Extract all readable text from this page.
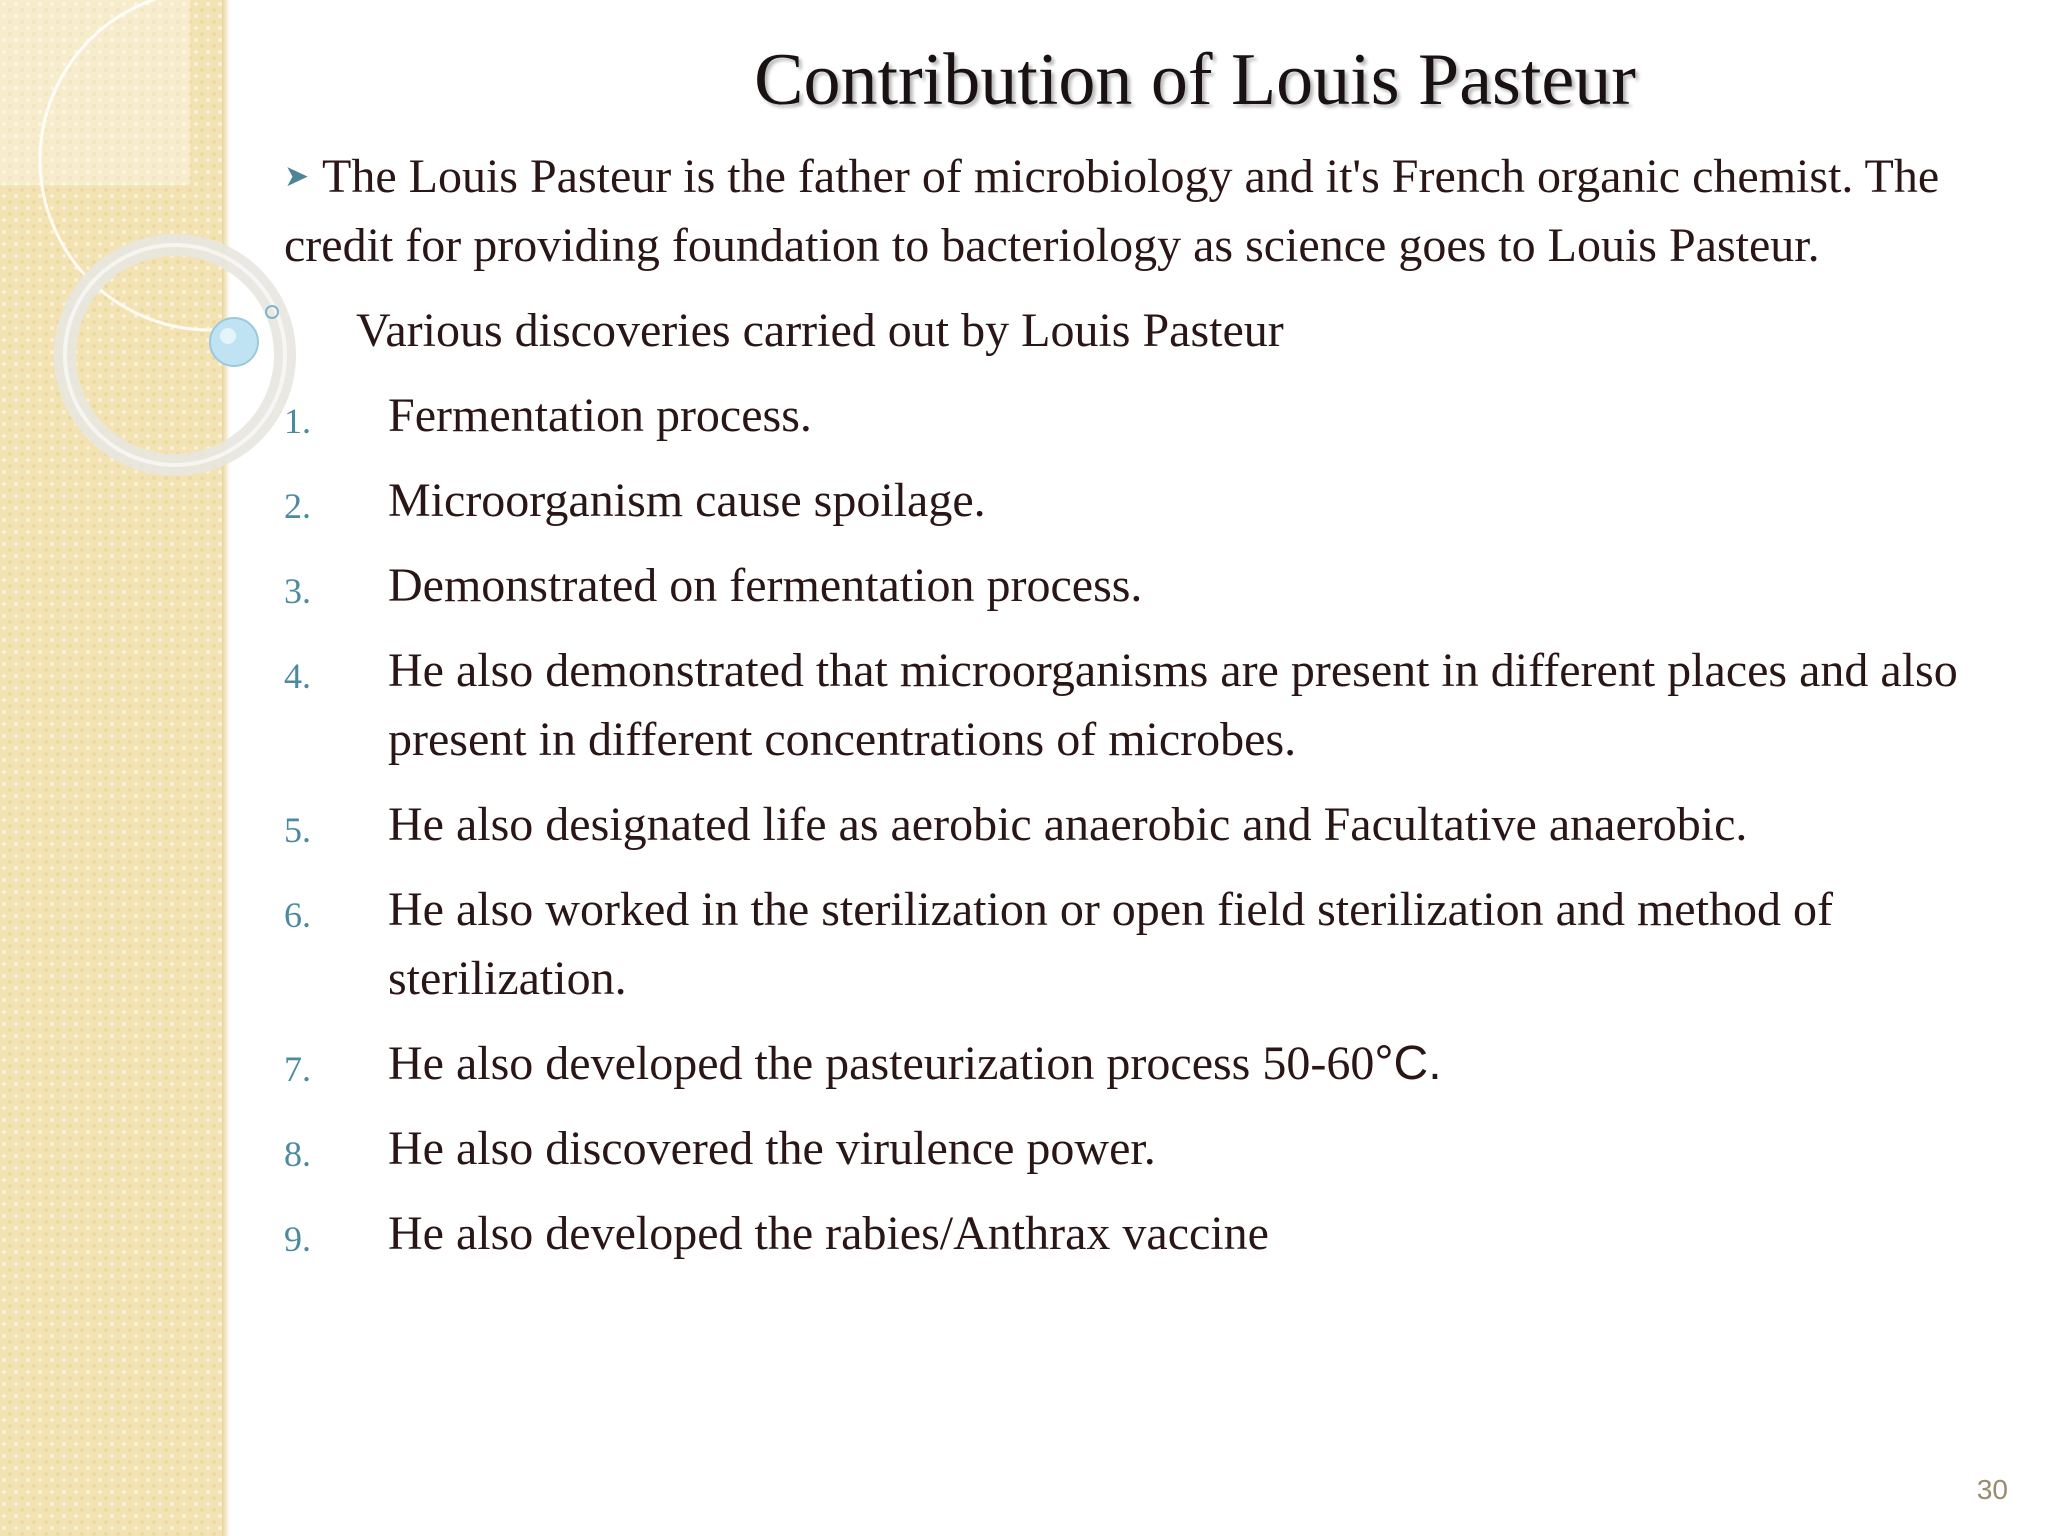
Contribution of Louis Pasteur

➤ The Louis Pasteur is the father of microbiology and it's French organic chemist. The credit for providing foundation to bacteriology as science goes to Louis Pasteur.

Various discoveries carried out by Louis Pasteur

1. Fermentation process.
2. Microorganism cause spoilage.
3. Demonstrated on fermentation process.
4. He also demonstrated that microorganisms are present in different places and also present in different concentrations of microbes.
5. He also designated life as aerobic anaerobic and Facultative anaerobic.
6. He also worked in the sterilization or open field sterilization and method of sterilization.
7. He also developed the pasteurization process 50-60°C.
8. He also discovered the virulence power.
9. He also developed the rabies/Anthrax vaccine
30
